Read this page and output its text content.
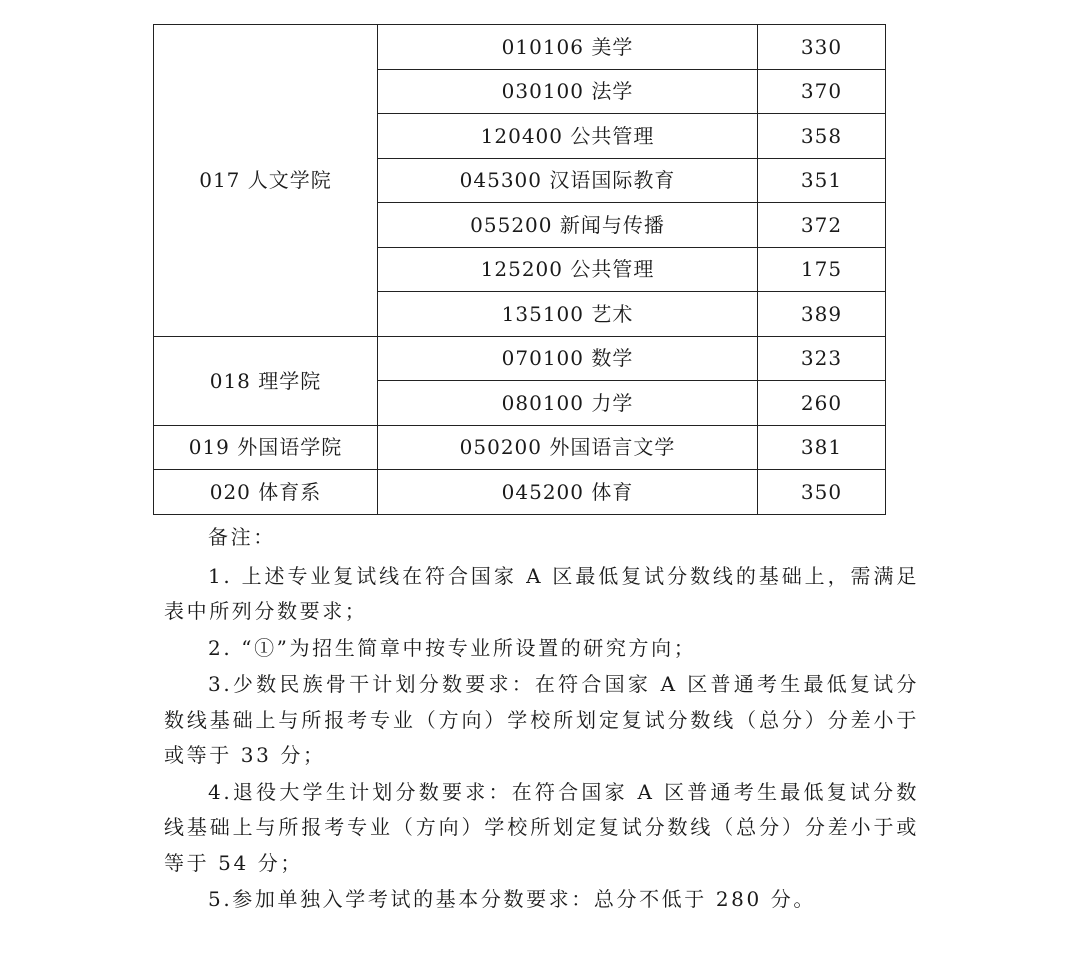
017 人文学院	010106 美学	330
	030100 法学	370
	120400 公共管理	358
	045300 汉语国际教育	351
	055200 新闻与传播	372
	125200 公共管理	175
	135100 艺术	389
018 理学院	070100 数学	323
	080100 力学	260
019 外国语学院	050200 外国语言文学	381
020 体育系	045200 体育	350

备注：

1. 上述专业复试线在符合国家 A 区最低复试分数线的基础上，需满足表中所列分数要求；

2. “①”为招生简章中按专业所设置的研究方向；

3.少数民族骨干计划分数要求：在符合国家 A 区普通考生最低复试分数线基础上与所报考专业（方向）学校所划定复试分数线（总分）分差小于或等于 33 分；

4.退役大学生计划分数要求：在符合国家 A 区普通考生最低复试分数线基础上与所报考专业（方向）学校所划定复试分数线（总分）分差小于或等于 54 分；

5.参加单独入学考试的基本分数要求：总分不低于 280 分。
